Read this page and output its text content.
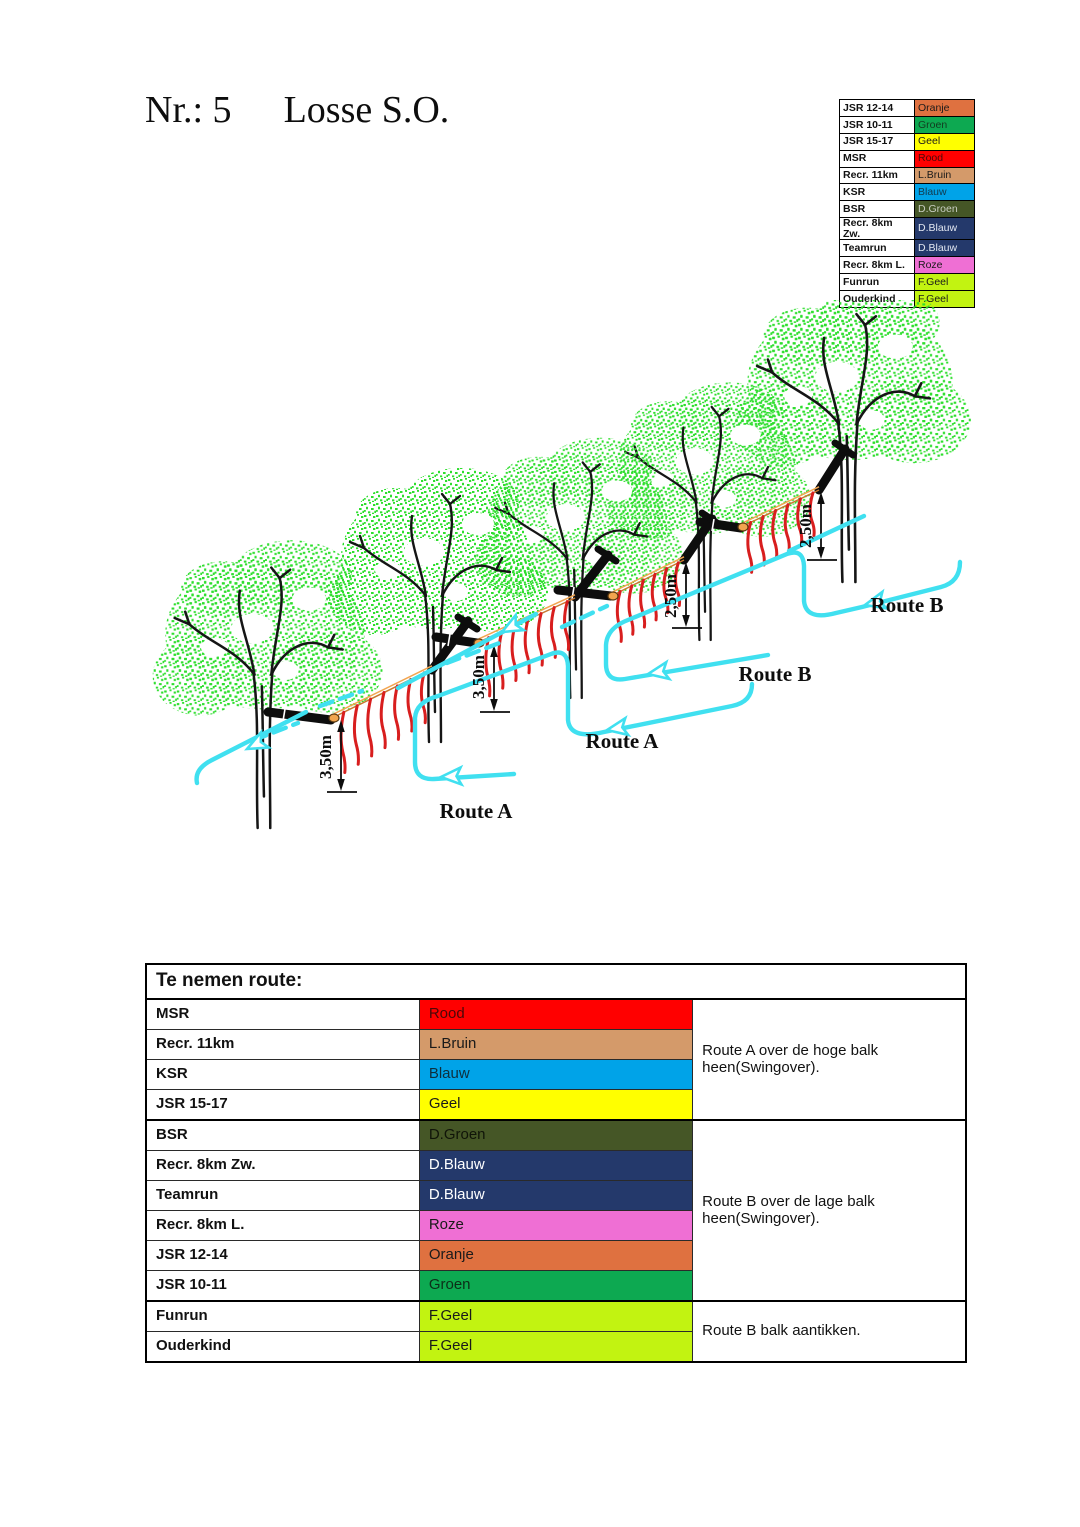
Nr.: 5 Losse S.O.	JSR 12-14	Oranje
JSR 10-11	Groen
JSR 15-17	Geel
MSR	Rood
Recr. 11km	L.Bruin
KSR	Blauw
BSR	D.Groen
Recr. 8km Zw.	D.Blauw
Teamrun	D.Blauw
Recr. 8km L.	Roze
Funrun	F.Geel
Ouderkind	F.Geel
Route A
Route A
Route B
Route B
3,50m
3,50m
2,50m
2,50m
Te nemen route:		
MSR	Rood	Route A over de hoge balk heen(Swingover).
Recr. 11km	L.Bruin	
KSR	Blauw	
JSR 15-17	Geel	
BSR	D.Groen	Route B over de lage balk heen(Swingover).
Recr. 8km Zw.	D.Blauw	
Teamrun	D.Blauw	
Recr. 8km L.	Roze	
JSR 12-14	Oranje	
JSR 10-11	Groen	
Funrun	F.Geel	Route B balk aantikken.
Ouderkind	F.Geel	
